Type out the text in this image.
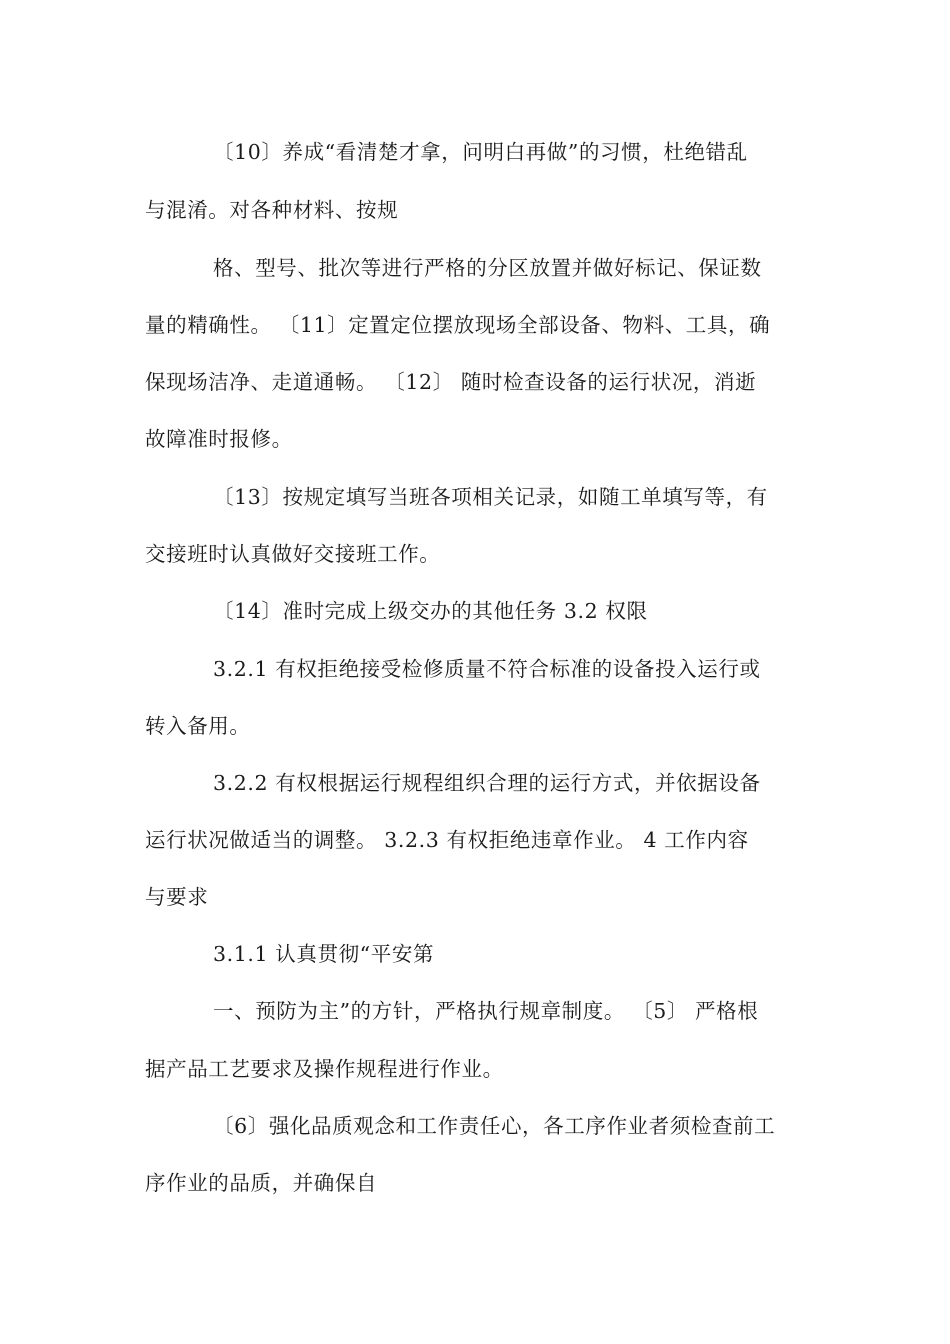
〔10〕养成“看清楚才拿，问明白再做”的习惯，杜绝错乱
与混淆。对各种材料、按规
格、型号、批次等进行严格的分区放置并做好标记、保证数
量的精确性。 〔11〕定置定位摆放现场全部设备、物料、工具，确
保现场洁净、走道通畅。 〔12〕 随时检查设备的运行状况，消逝
故障准时报修。
〔13〕按规定填写当班各项相关记录，如随工单填写等，有
交接班时认真做好交接班工作。
〔14〕准时完成上级交办的其他任务 3.2 权限
3.2.1 有权拒绝接受检修质量不符合标准的设备投入运行或
转入备用。
3.2.2 有权根据运行规程组织合理的运行方式，并依据设备
运行状况做适当的调整。 3.2.3 有权拒绝违章作业。 4 工作内容
与要求
3.1.1 认真贯彻“平安第
一、预防为主”的方针，严格执行规章制度。 〔5〕 严格根
据产品工艺要求及操作规程进行作业。
〔6〕强化品质观念和工作责任心，各工序作业者须检查前工
序作业的品质，并确保自
